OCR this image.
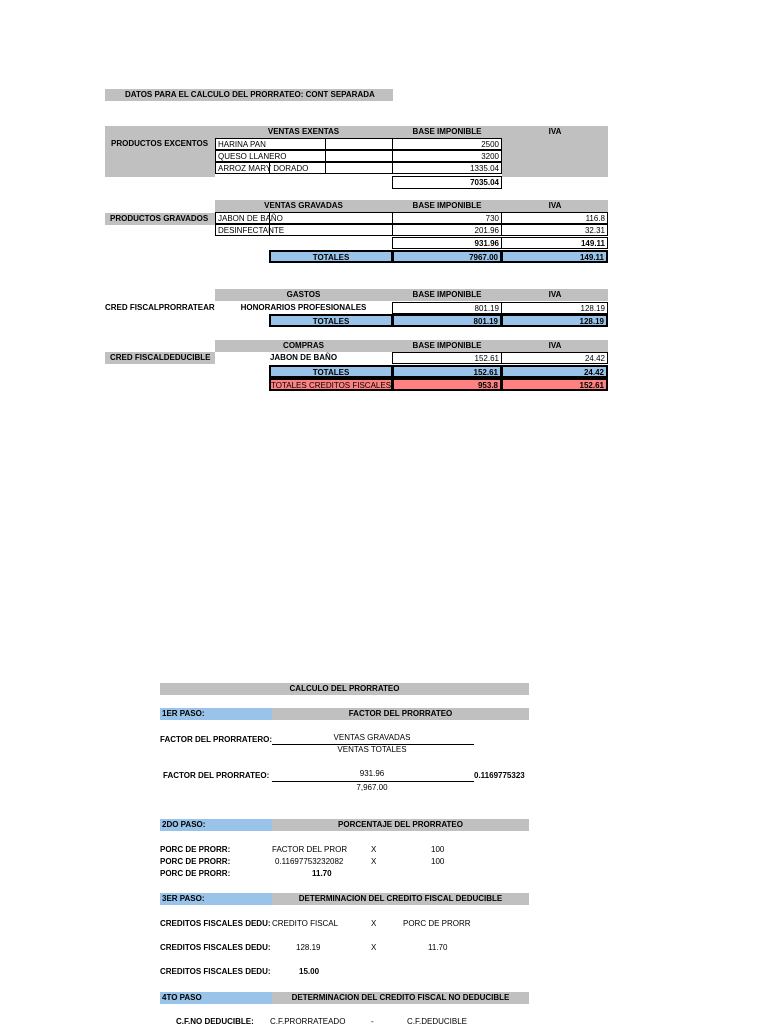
DATOS PARA EL CALCULO DEL PRORRATEO: CONT SEPARADA
PRODUCTOS EXCENTOS
VENTAS EXENTAS	BASE IMPONIBLE	IVA
HARINA PAN	2500
QUESO LLANERO	3200
ARROZ MARY DORADO	1335.04
7035.04
PRODUCTOS GRAVADOS
VENTAS GRAVADAS	BASE IMPONIBLE	IVA
JABON DE BAÑO	730	116.8
DESINFECTANTE	201.96	32.31
931.96	149.11
TOTALES	7967.00	149.11
CRED FISCALPRORRATEAR
GASTOS	BASE IMPONIBLE	IVA
HONORARIOS PROFESIONALES	801.19	128.19
TOTALES	801.19	128.19
CRED FISCALDEDUCIBLE
COMPRAS	BASE IMPONIBLE	IVA
JABON DE BAÑO	152.61	24.42
TOTALES	152.61	24.42
TOTALES CREDITOS FISCALES	953.8	152.61
CALCULO DEL PRORRATEO
1ER PASO:	FACTOR DEL PRORRATEO
FACTOR DEL PRORRATERO:	VENTAS GRAVADAS
VENTAS TOTALES
FACTOR DEL PRORRATEO:	931.96
7,967.00
0.1169775323
2DO PASO:	PORCENTAJE DEL PRORRATEO
PORC DE PRORR:	FACTOR DEL PROR	X	100
PORC DE PRORR:	0.11697753232082	X	100
PORC DE PRORR:	11.70
3ER PASO:	DETERMINACION DEL CREDITO FISCAL DEDUCIBLE
CREDITOS FISCALES DEDU: CREDITO FISCAL	X	PORC DE PRORR
CREDITOS FISCALES DEDU:	128.19	X	11.70
CREDITOS FISCALES DEDU:	15.00
4TO PASO	DETERMINACION DEL CREDITO FISCAL NO DEDUCIBLE
C.F.NO DEDUCIBLE: C.F.PRORRATEADO	-	C.F.DEDUCIBLE
